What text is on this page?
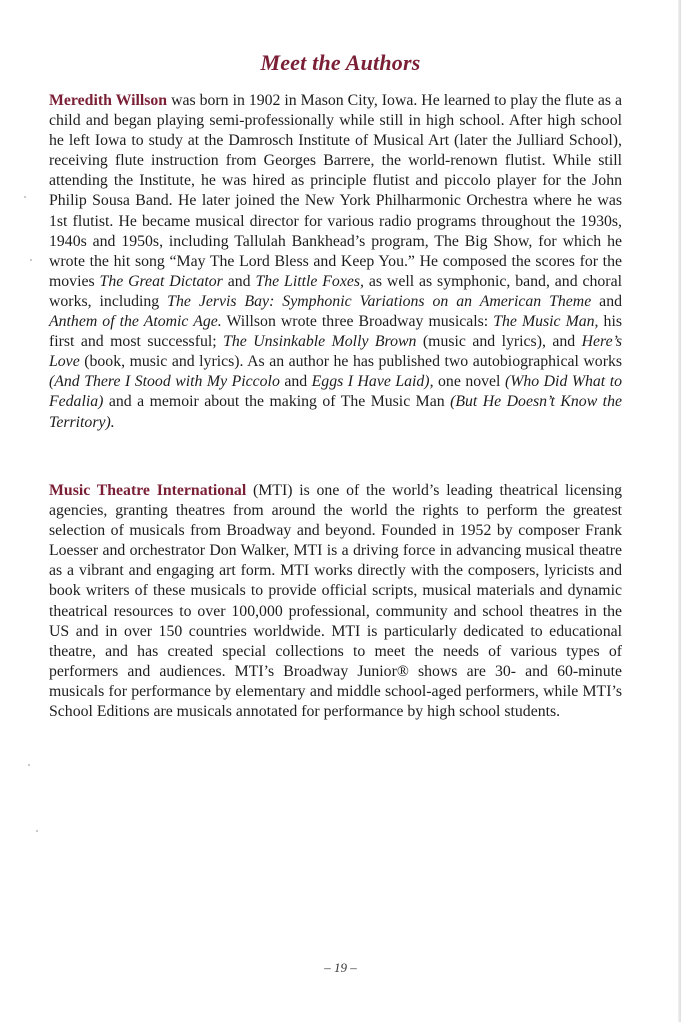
Meet the Authors

Meredith Willson was born in 1902 in Mason City, Iowa. He learned to play the flute as a child and began playing semi-professionally while still in high school. After high school he left Iowa to study at the Damrosch Institute of Musical Art (later the Julliard School), receiving flute instruction from Georges Barrere, the world-renown flutist. While still attending the Institute, he was hired as principle flutist and piccolo player for the John Philip Sousa Band. He later joined the New York Philharmonic Orchestra where he was 1st flutist. He became musical director for various radio programs throughout the 1930s, 1940s and 1950s, including Tallulah Bankhead’s program, The Big Show, for which he wrote the hit song “May The Lord Bless and Keep You.” He composed the scores for the movies The Great Dictator and The Little Foxes, as well as symphonic, band, and choral works, including The Jervis Bay: Symphonic Variations on an American Theme and Anthem of the Atomic Age. Willson wrote three Broadway musicals: The Music Man, his first and most successful; The Unsinkable Molly Brown (music and lyrics), and Here’s Love (book, music and lyrics). As an author he has published two autobiographical works (And There I Stood with My Piccolo and Eggs I Have Laid), one novel (Who Did What to Fedalia) and a memoir about the making of The Music Man (But He Doesn’t Know the Territory).

Music Theatre International (MTI) is one of the world’s leading theatrical licensing agencies, granting theatres from around the world the rights to perform the greatest selection of musicals from Broadway and beyond. Founded in 1952 by composer Frank Loesser and orchestrator Don Walker, MTI is a driving force in advancing musical theatre as a vibrant and engaging art form. MTI works directly with the composers, lyricists and book writers of these musicals to provide official scripts, musical materials and dynamic theatrical resources to over 100,000 professional, community and school theatres in the US and in over 150 countries worldwide. MTI is particularly dedicated to educational theatre, and has created special collections to meet the needs of various types of performers and audiences. MTI’s Broadway Junior® shows are 30- and 60-minute musicals for performance by elementary and middle school-aged performers, while MTI’s School Editions are musicals annotated for performance by high school students.

– 19 –
